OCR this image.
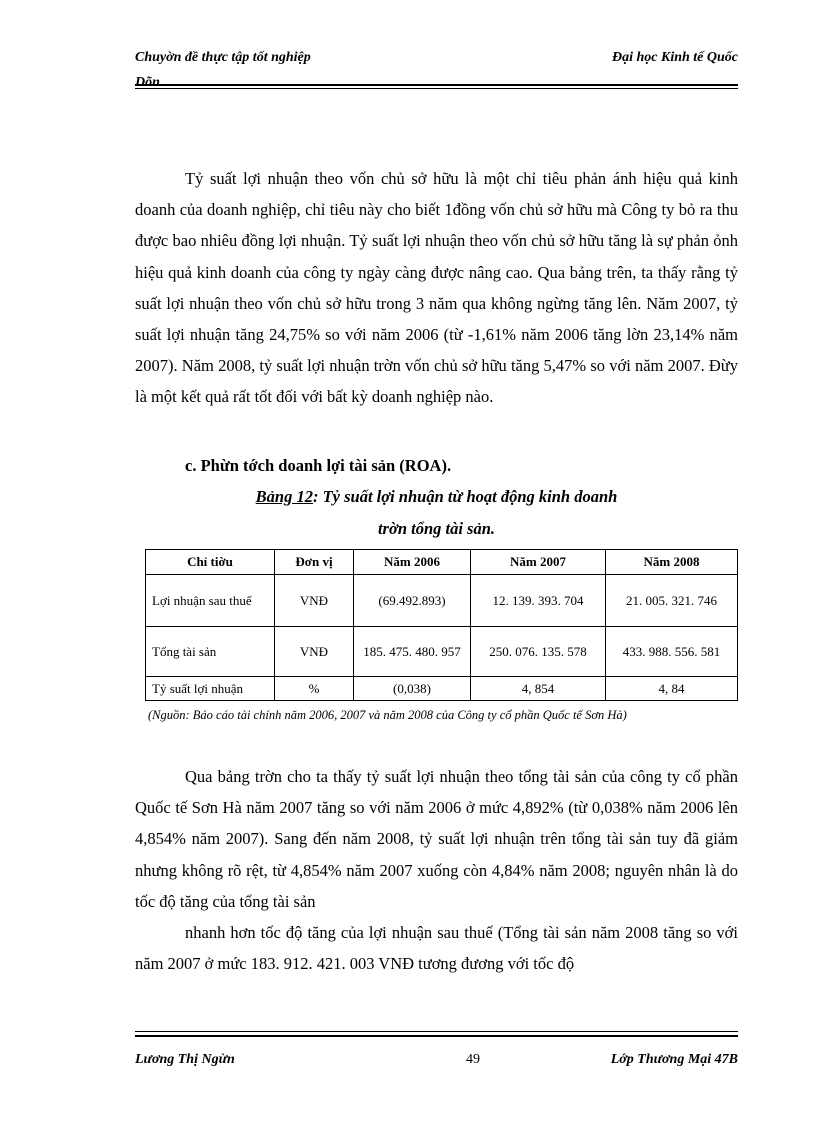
Chuyờn đề thực tập tốt nghiệp	Đại học Kinh tế Quốc
Dõn

Tỷ suất lợi nhuận theo vốn chủ sở hữu là một chỉ tiêu phản ánh hiệu quả kinh doanh của doanh nghiệp, chỉ tiêu này cho biết 1đồng vốn chủ sở hữu mà Công ty bỏ ra thu được bao nhiêu đồng lợi nhuận. Tỷ suất lợi nhuận theo vốn chủ sở hữu tăng là sự phản ỏnh hiệu quả kinh doanh của công ty ngày càng được nâng cao. Qua bảng trên, ta thấy rằng tỷ suất lợi nhuận theo vốn chủ sở hữu trong 3 năm qua không ngừng tăng lên. Năm 2007, tỷ suất lợi nhuận tăng 24,75% so với năm 2006 (từ -1,61% năm 2006 tăng lờn 23,14% năm 2007). Năm 2008, tỷ suất lợi nhuận trờn vốn chủ sở hữu tăng 5,47% so với năm 2007. Đừy là một kết quả rất tốt đối với bất kỳ doanh nghiệp nào.

c. Phừn tớch doanh lợi tài sản (ROA).
Bảng 12: Tỷ suất lợi nhuận từ hoạt động kinh doanh
trờn tổng tài sản.
Chỉ tiờu	Đơn vị	Năm 2006	Năm 2007	Năm 2008
Lợi nhuận sau thuế	VNĐ	(69.492.893)	12. 139. 393. 704	21. 005. 321. 746
Tổng tài sản	VNĐ	185. 475. 480. 957	250. 076. 135. 578	433. 988. 556. 581
Tỷ suất lợi nhuận	%	(0,038)	4, 854	4, 84
(Nguồn: Báo cáo tài chính năm 2006, 2007 và năm 2008 của Công ty cổ phần Quốc tế Sơn Hà)

Qua bảng trờn cho ta thấy tỷ suất lợi nhuận theo tổng tài sản của công ty cổ phần Quốc tế Sơn Hà năm 2007 tăng so với năm 2006 ở mức 4,892% (từ 0,038% năm 2006 lên 4,854% năm 2007). Sang đến năm 2008, tỷ suất lợi nhuận trên tổng tài sản tuy đã giảm nhưng không rõ rệt, từ 4,854% năm 2007 xuống còn 4,84% năm 2008; nguyên nhân là do tốc độ tăng của tổng tài sản

nhanh hơn tốc độ tăng của lợi nhuận sau thuế (Tổng tài sản năm 2008 tăng so với năm 2007 ở mức 183. 912. 421. 003 VNĐ tương đương với tốc độ

Lương Thị Ngừn	49	Lớp Thương Mại 47B
